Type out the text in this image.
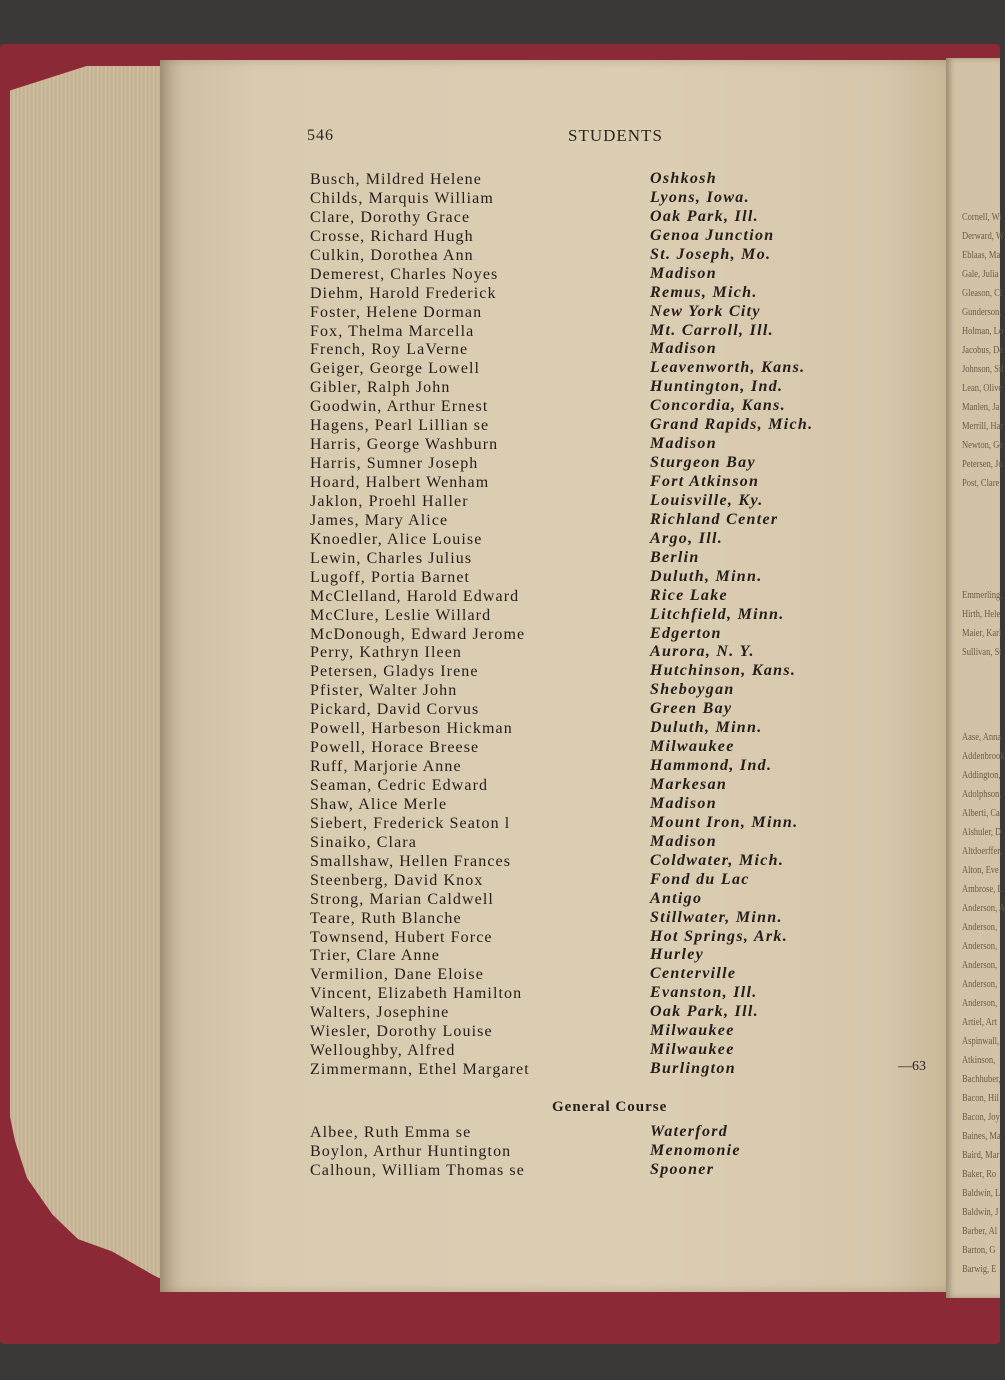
Cornell, Wi
Derward, W
Eblaas, Ma
Gale, Julia
Gleason, Cl
Gunderson,
Holman, Lo
Jacobus, De
Johnson, Sil
Lean, Olive
Manlen, Ja
Merrill, Har
Newton, Ge
Petersen, Jo
Post, Clare
Emmerling,
Hirth, Hele
Maier, Karl
Sullivan, St
Aase, Anna
Addenbrook
Addington,
Adolphson,
Alberti, Ca
Alshuler, D
Altdoerffer,
Alton, Eve
Ambrose, L
Anderson, A
Anderson,
Anderson,
Anderson,
Anderson,
Anderson,
Artiel, Art
Aspinwall,
Atkinson,
Bachhuber,
Bacon, Hil
Bacon, Joy
Baines, Ma
Baird, Mar
Baker, Ro
Baldwin, L
Baldwin, J
Barber, Al
Barton, G
Barwig, E
546	STUDENTS
Busch, Mildred Helene
Childs, Marquis William
Clare, Dorothy Grace
Crosse, Richard Hugh
Culkin, Dorothea Ann
Demerest, Charles Noyes
Diehm, Harold Frederick
Foster, Helene Dorman
Fox, Thelma Marcella
French, Roy LaVerne
Geiger, George Lowell
Gibler, Ralph John
Goodwin, Arthur Ernest
Hagens, Pearl Lillian se
Harris, George Washburn
Harris, Sumner Joseph
Hoard, Halbert Wenham
Jaklon, Proehl Haller
James, Mary Alice
Knoedler, Alice Louise
Lewin, Charles Julius
Lugoff, Portia Barnet
McClelland, Harold Edward
McClure, Leslie Willard
McDonough, Edward Jerome
Perry, Kathryn Ileen
Petersen, Gladys Irene
Pfister, Walter John
Pickard, David Corvus
Powell, Harbeson Hickman
Powell, Horace Breese
Ruff, Marjorie Anne
Seaman, Cedric Edward
Shaw, Alice Merle
Siebert, Frederick Seaton l
Sinaiko, Clara
Smallshaw, Hellen Frances
Steenberg, David Knox
Strong, Marian Caldwell
Teare, Ruth Blanche
Townsend, Hubert Force
Trier, Clare Anne
Vermilion, Dane Eloise
Vincent, Elizabeth Hamilton
Walters, Josephine
Wiesler, Dorothy Louise
Welloughby, Alfred
Zimmermann, Ethel Margaret
Oshkosh
Lyons, Iowa.
Oak Park, Ill.
Genoa Junction
St. Joseph, Mo.
Madison
Remus, Mich.
New York City
Mt. Carroll, Ill.
Madison
Leavenworth, Kans.
Huntington, Ind.
Concordia, Kans.
Grand Rapids, Mich.
Madison
Sturgeon Bay
Fort Atkinson
Louisville, Ky.
Richland Center
Argo, Ill.
Berlin
Duluth, Minn.
Rice Lake
Litchfield, Minn.
Edgerton
Aurora, N. Y.
Hutchinson, Kans.
Sheboygan
Green Bay
Duluth, Minn.
Milwaukee
Hammond, Ind.
Markesan
Madison
Mount Iron, Minn.
Madison
Coldwater, Mich.
Fond du Lac
Antigo
Stillwater, Minn.
Hot Springs, Ark.
Hurley
Centerville
Evanston, Ill.
Oak Park, Ill.
Milwaukee
Milwaukee
Burlington	—63
General Course
Albee, Ruth Emma se
Boylon, Arthur Huntington
Calhoun, William Thomas se
Waterford
Menomonie
Spooner
